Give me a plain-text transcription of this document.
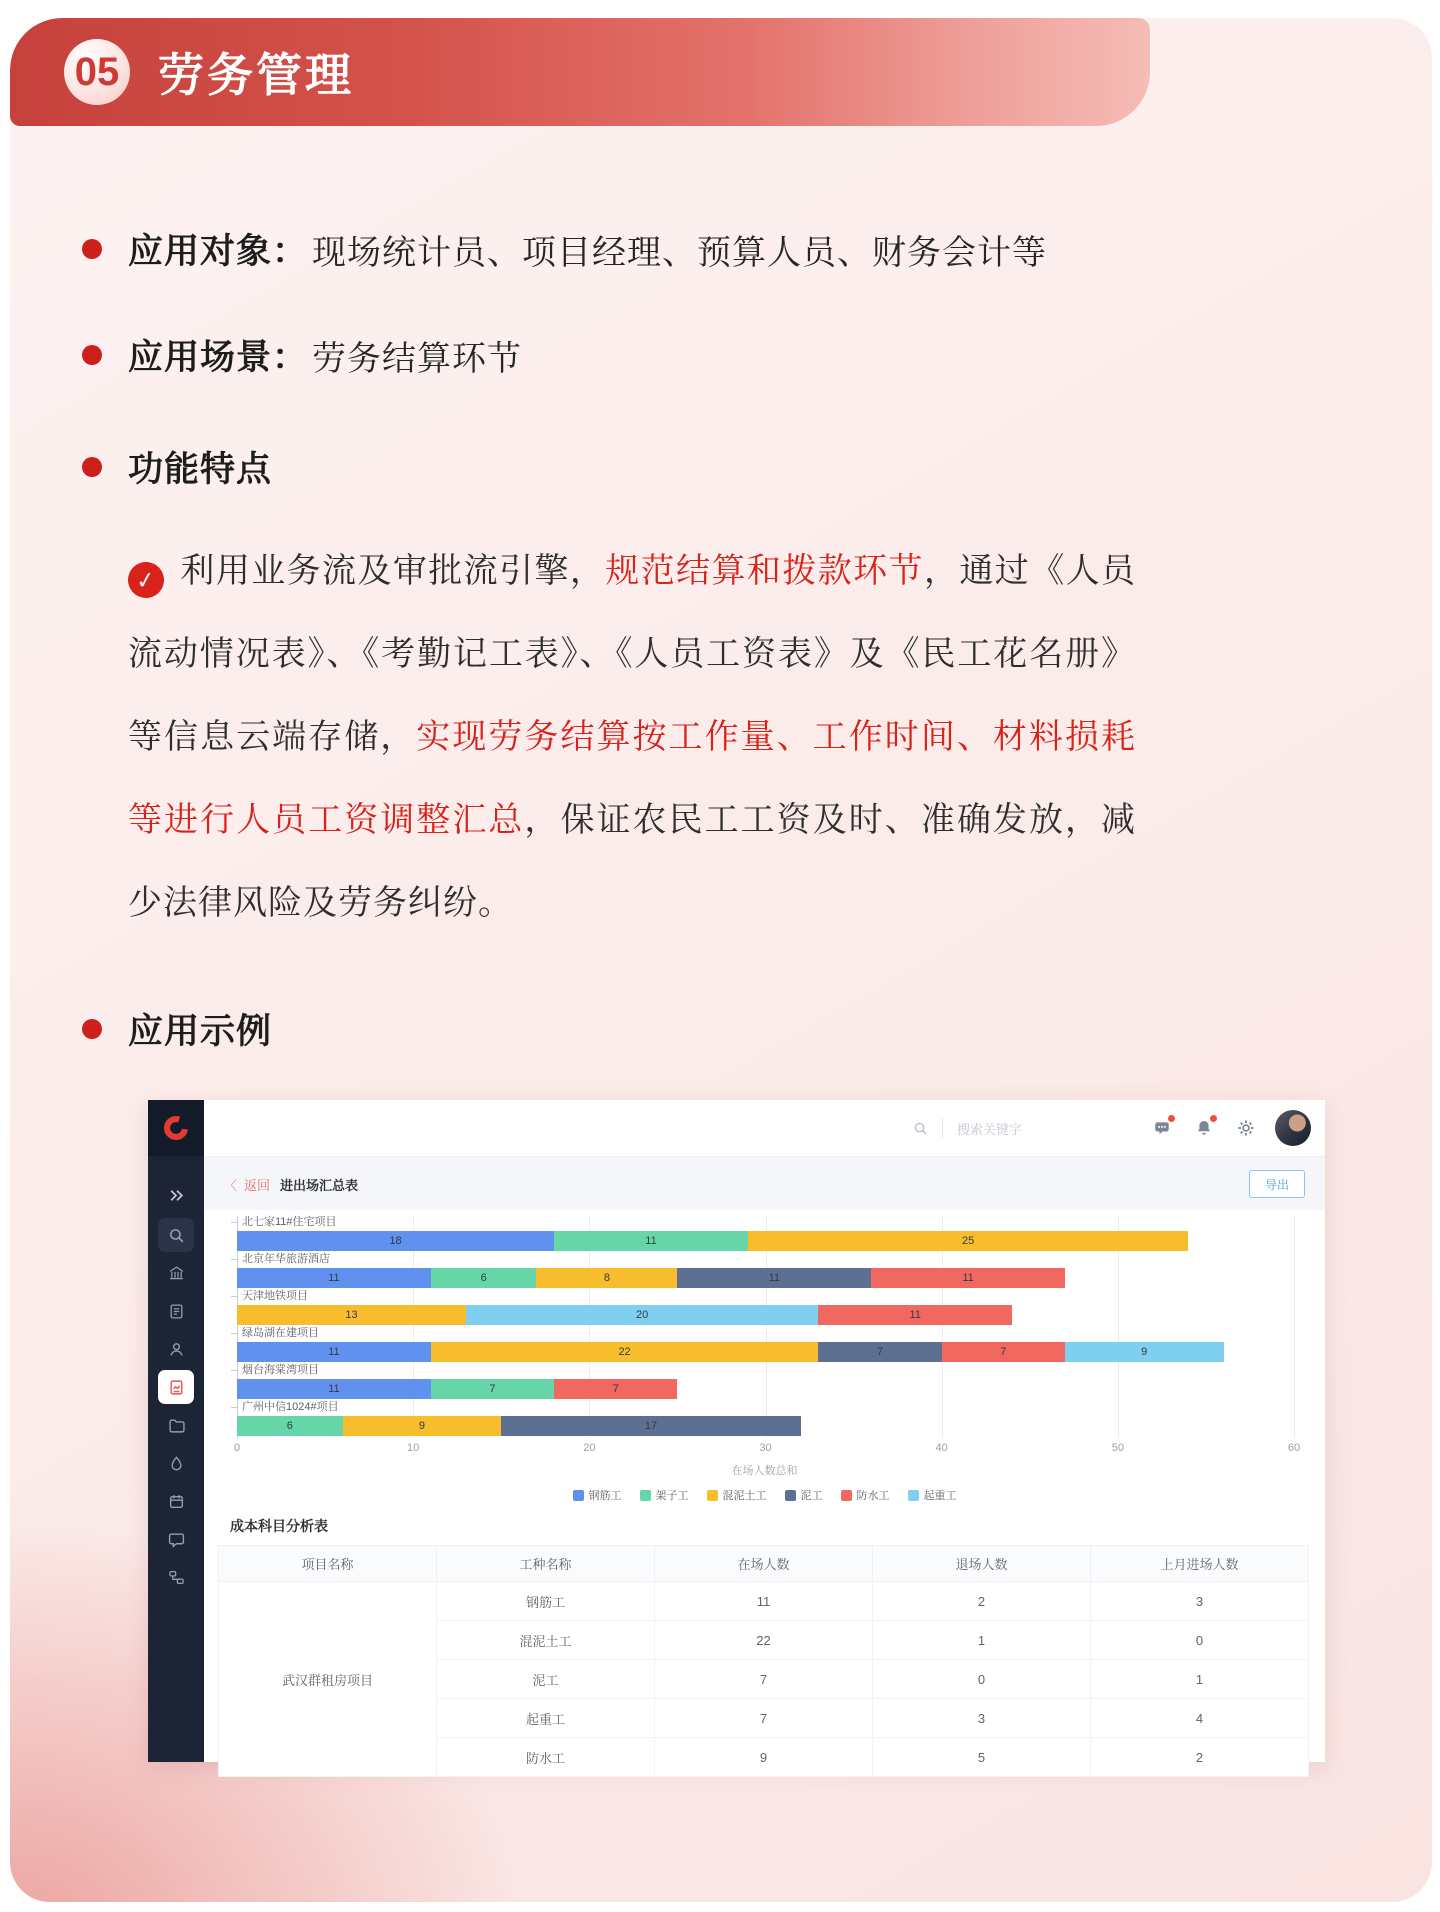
05 劳务管理
应用对象： 现场统计员、项目经理、预算人员、财务会计等
应用场景： 劳务结算环节
功能特点
✓ 利用业务流及审批流引擎，规范结算和拨款环节，通过《人员流动情况表》、《考勤记工表》、《人员工资表》及《民工花名册》等信息云端存储，实现劳务结算按工作量、工作时间、材料损耗等进行人员工资调整汇总，保证农民工工资及时、准确发放，减少法律风险及劳务纠纷。
应用示例
搜索关键字
〈 返回 进出场汇总表	导出
北七家11#住宅项目
18	11	25
北京年华旅游酒店
11	6	8	11	11
天津地铁项目
13	20	11
绿岛湖在建项目
11	22	7	7	9
烟台海棠湾项目
11	7	7
广州中信1024#项目
6	9	17
0	10	20	30	40	50	60
在场人数总和
钢筋工	架子工	混泥土工	泥工	防水工	起重工
成本科目分析表
项目名称	工种名称	在场人数	退场人数	上月进场人数
武汉群租房项目	钢筋工	11	2	3
	混泥土工	22	1	0
	泥工	7	0	1
	起重工	7	3	4
	防水工	9	5	2
